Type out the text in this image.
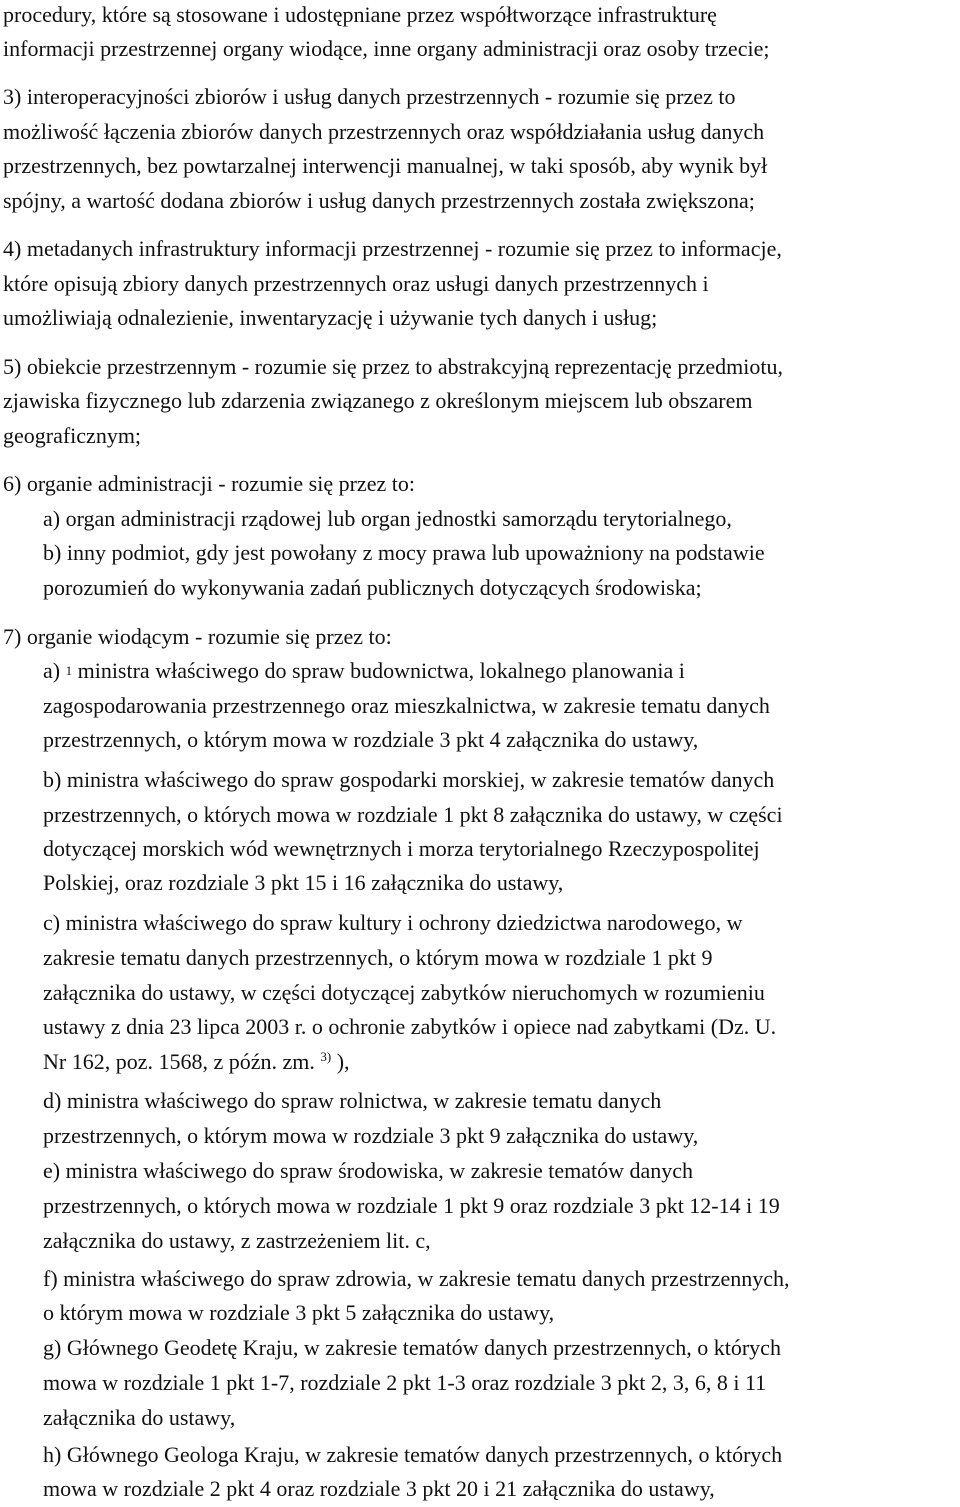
procedury, które są stosowane i udostępniane przez współtworzące infrastrukturę
informacji przestrzennej organy wiodące, inne organy administracji oraz osoby trzecie;
3) interoperacyjności zbiorów i usług danych przestrzennych - rozumie się przez to
możliwość łączenia zbiorów danych przestrzennych oraz współdziałania usług danych
przestrzennych, bez powtarzalnej interwencji manualnej, w taki sposób, aby wynik był
spójny, a wartość dodana zbiorów i usług danych przestrzennych została zwiększona;
4) metadanych infrastruktury informacji przestrzennej - rozumie się przez to informacje,
które opisują zbiory danych przestrzennych oraz usługi danych przestrzennych i
umożliwiają odnalezienie, inwentaryzację i używanie tych danych i usług;
5) obiekcie przestrzennym - rozumie się przez to abstrakcyjną reprezentację przedmiotu,
zjawiska fizycznego lub zdarzenia związanego z określonym miejscem lub obszarem
geograficznym;
6) organie administracji - rozumie się przez to:
a) organ administracji rządowej lub organ jednostki samorządu terytorialnego,
b) inny podmiot, gdy jest powołany z mocy prawa lub upoważniony na podstawie
porozumień do wykonywania zadań publicznych dotyczących środowiska;
7) organie wiodącym - rozumie się przez to:
a) $^1$ ministra właściwego do spraw budownictwa, lokalnego planowania i
zagospodarowania przestrzennego oraz mieszkalnictwa, w zakresie tematu danych
przestrzennych, o którym mowa w rozdziale 3 pkt 4 załącznika do ustawy,
b) ministra właściwego do spraw gospodarki morskiej, w zakresie tematów danych
przestrzennych, o których mowa w rozdziale 1 pkt 8 załącznika do ustawy, w części
dotyczącej morskich wód wewnętrznych i morza terytorialnego Rzeczypospolitej
Polskiej, oraz rozdziale 3 pkt 15 i 16 załącznika do ustawy,
c) ministra właściwego do spraw kultury i ochrony dziedzictwa narodowego, w
zakresie tematu danych przestrzennych, o którym mowa w rozdziale 1 pkt 9
załącznika do ustawy, w części dotyczącej zabytków nieruchomych w rozumieniu
ustawy z dnia 23 lipca 2003 r. o ochronie zabytków i opiece nad zabytkami (Dz. U.
Nr 162, poz. 1568, z późn. zm. $^{3)}$ ),
d) ministra właściwego do spraw rolnictwa, w zakresie tematu danych
przestrzennych, o którym mowa w rozdziale 3 pkt 9 załącznika do ustawy,
e) ministra właściwego do spraw środowiska, w zakresie tematów danych
przestrzennych, o których mowa w rozdziale 1 pkt 9 oraz rozdziale 3 pkt 12-14 i 19
załącznika do ustawy, z zastrzeżeniem lit. c,
f) ministra właściwego do spraw zdrowia, w zakresie tematu danych przestrzennych,
o którym mowa w rozdziale 3 pkt 5 załącznika do ustawy,
g) Głównego Geodetę Kraju, w zakresie tematów danych przestrzennych, o których
mowa w rozdziale 1 pkt 1-7, rozdziale 2 pkt 1-3 oraz rozdziale 3 pkt 2, 3, 6, 8 i 11
załącznika do ustawy,
h) Głównego Geologa Kraju, w zakresie tematów danych przestrzennych, o których
mowa w rozdziale 2 pkt 4 oraz rozdziale 3 pkt 20 i 21 załącznika do ustawy,
